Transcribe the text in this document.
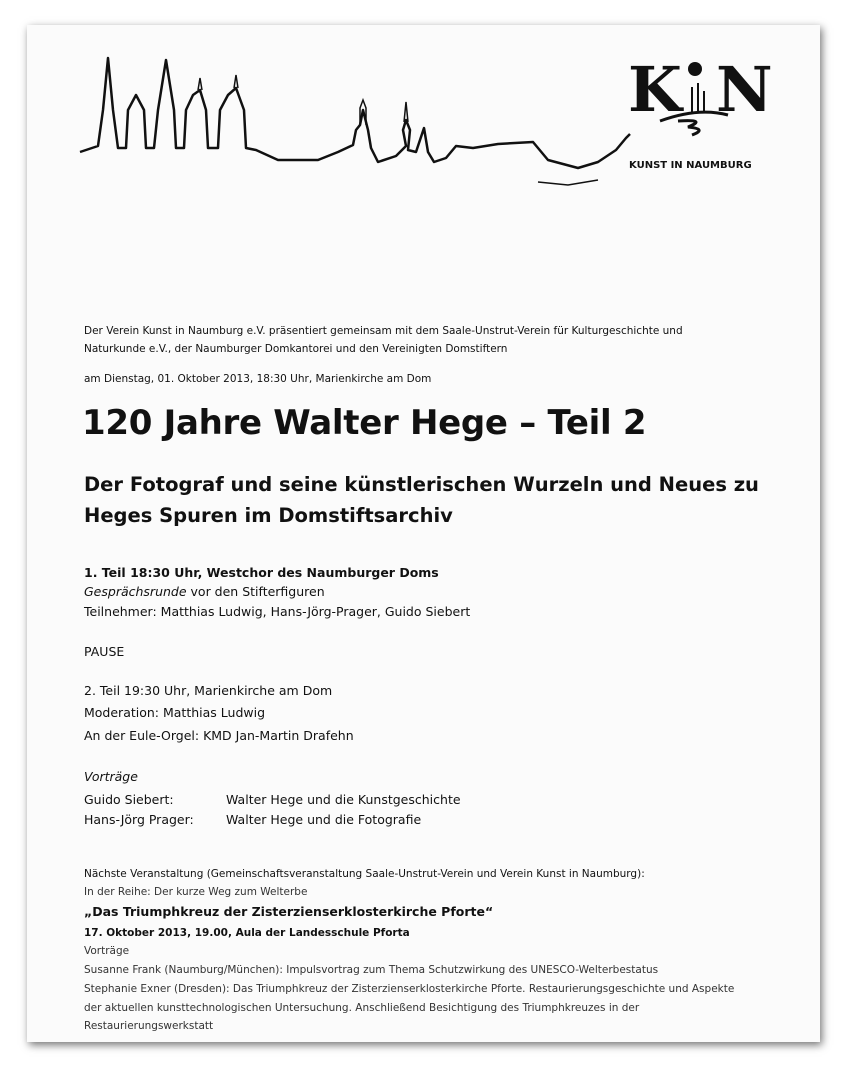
K N
KUNST IN NAUMBURG
Der Verein Kunst in Naumburg e.V. präsentiert gemeinsam mit dem Saale-Unstrut-Verein für Kulturgeschichte und
Naturkunde e.V., der Naumburger Domkantorei und den Vereinigten Domstiftern
am Dienstag, 01. Oktober 2013, 18:30 Uhr, Marienkirche am Dom
120 Jahre Walter Hege – Teil 2
Der Fotograf und seine künstlerischen Wurzeln und Neues zu
Heges Spuren im Domstiftsarchiv
1. Teil 18:30 Uhr, Westchor des Naumburger Doms
Gesprächsrunde vor den Stifterfiguren
Teilnehmer: Matthias Ludwig, Hans-Jörg-Prager, Guido Siebert
PAUSE
2. Teil 19:30 Uhr, Marienkirche am Dom
Moderation: Matthias Ludwig
An der Eule-Orgel: KMD Jan-Martin Drafehn
Vorträge
Guido Siebert:	Walter Hege und die Kunstgeschichte
Hans-Jörg Prager:	Walter Hege und die Fotografie
Nächste Veranstaltung (Gemeinschaftsveranstaltung Saale-Unstrut-Verein und Verein Kunst in Naumburg):
In der Reihe: Der kurze Weg zum Welterbe
„Das Triumphkreuz der Zisterzienserklosterkirche Pforte“
17. Oktober 2013, 19.00, Aula der Landesschule Pforta
Vorträge
Susanne Frank (Naumburg/München): Impulsvortrag zum Thema Schutzwirkung des UNESCO-Welterbestatus
Stephanie Exner (Dresden): Das Triumphkreuz der Zisterzienserklosterkirche Pforte. Restaurierungsgeschichte und Aspekte
der aktuellen kunsttechnologischen Untersuchung. Anschließend Besichtigung des Triumphkreuzes in der
Restaurierungswerkstatt
